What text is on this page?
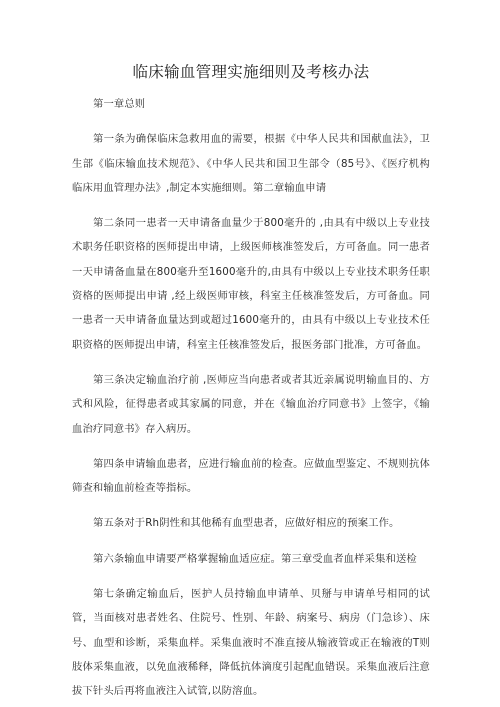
临床输血管理实施细则及考核办法

第一章总则

第一条为确保临床急救用血的需要，根据《中华人民共和国献血法》，卫生部《临床输血技术规范》、《中华人民共和国卫生部令（85号》、《医疗机构临床用血管理办法》,制定本实施细则。第二章输血申请

第二条同一患者一天申请备血量少于800毫升的 ,由具有中级以上专业技术职务任职资格的医师提出申请，上级医师核准签发后，方可备血。同一患者一天申请备血量在800毫升至1600毫升的,由具有中级以上专业技术职务任职资格的医师提出申请 ,经上级医师审核，科室主任核准签发后，方可备血。同一患者一天申请备血量达到或超过1600毫升的，由具有中级以上专业技术任职资格的医师提出申请，科室主任核准签发后，报医务部门批准，方可备血。

第三条决定输血治疗前 ,医师应当向患者或者其近亲属说明输血目的、方式和风险，征得患者或其家属的同意，并在《输血治疗同意书》上签字，《输血治疗同意书》存入病历。

第四条申请输血患者，应进行输血前的检查。应做血型鉴定、不规则抗体筛查和输血前检查等指标。

第五条对于Rh阴性和其他稀有血型患者，应做好相应的预案工作。

第六条输血申请要严格掌握输血适应症。第三章受血者血样采集和送检

第七条确定输血后，医护人员持输血申请单、贝掰与申请单号相同的试管，当面核对患者姓名、住院号、性别、年龄、病案号、病房（门急诊）、床号、血型和诊断，采集血样。采集血液时不准直接从输液管或正在输液的T则肢体采集血液，以免血液稀释，降低抗体滴度引起配血错误。采集血液后注意拔下针头后再将血液注入试管,以防溶血。
